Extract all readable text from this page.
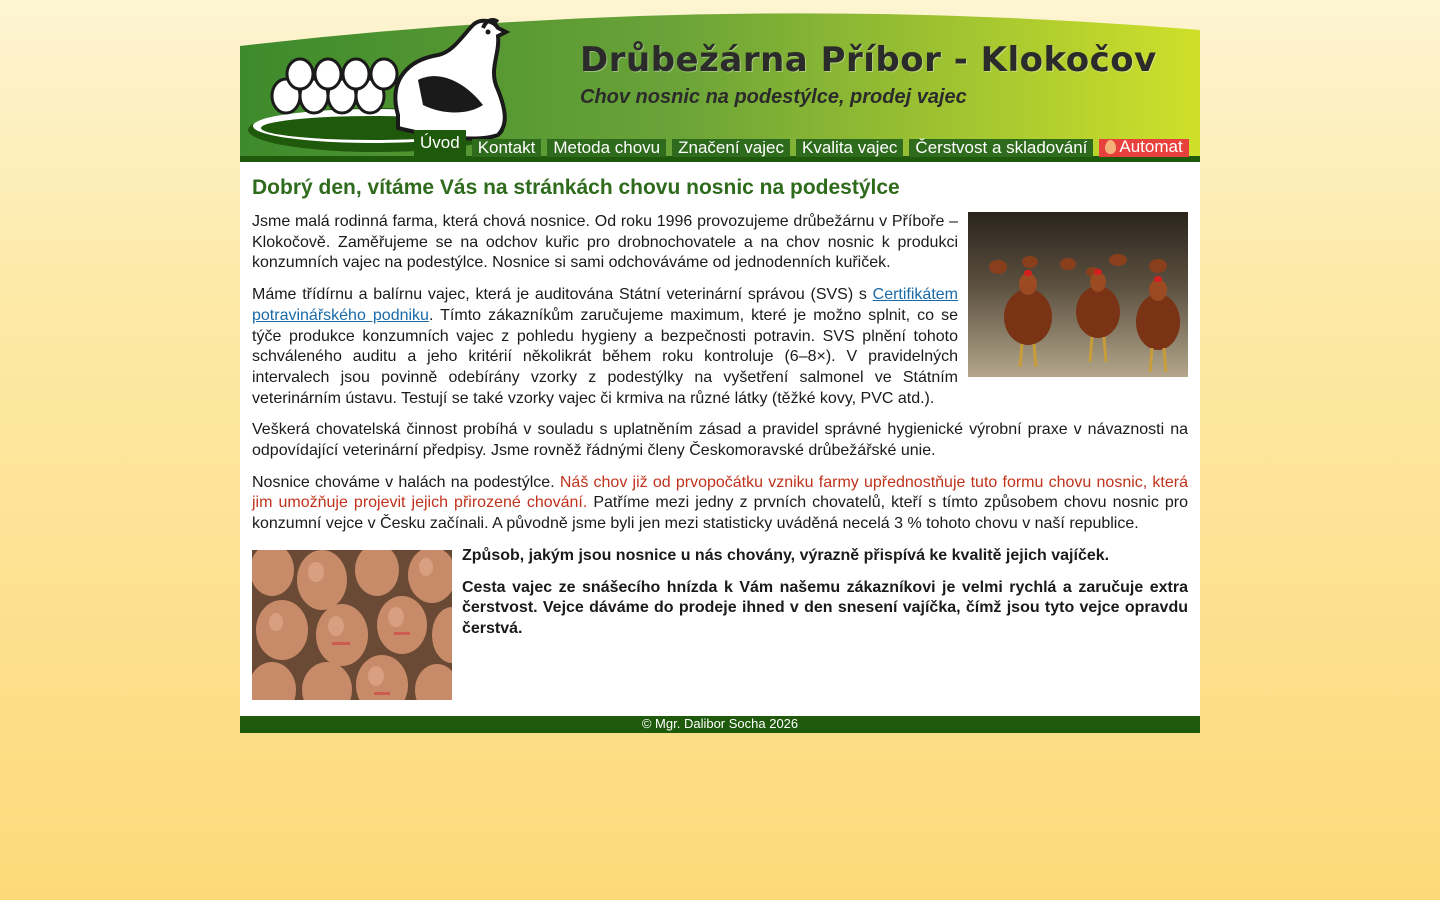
Drůbežárna Příbor - Klokočov
Chov nosnic na podestýlce, prodej vajec
Úvod	Kontakt	Metoda chovu	Značení vajec	Kvalita vajec	Čerstvost a skladování	Automat
Dobrý den, vítáme Vás na stránkách chovu nosnic na podestýlce

Jsme malá rodinná farma, která chová nosnice. Od roku 1996 provozujeme drůbežárnu v Příboře – Klokočově. Zaměřujeme se na odchov kuřic pro drobnochovatele a na chov nosnic k produkci konzumních vajec na podestýlce. Nosnice si sami odchováváme od jednodenních kuřiček.

Máme třídírnu a balírnu vajec, která je auditována Státní veterinární správou (SVS) s Certifikátem potravinářského podniku. Tímto zákazníkům zaručujeme maximum, které je možno splnit, co se týče produkce konzumních vajec z pohledu hygieny a bezpečnosti potravin. SVS plnění tohoto schváleného auditu a jeho kritérií několikrát během roku kontroluje (6–8×). V pravidelných intervalech jsou povinně odebírány vzorky z podestýlky na vyšetření salmonel ve Státním veterinárním ústavu. Testují se také vzorky vajec či krmiva na různé látky (těžké kovy, PVC atd.).

Veškerá chovatelská činnost probíhá v souladu s uplatněním zásad a pravidel správné hygienické výrobní praxe v návaznosti na odpovídající veterinární předpisy. Jsme rovněž řádnými členy Českomoravské drůbežářské unie.

Nosnice chováme v halách na podestýlce. Náš chov již od prvopočátku vzniku farmy upřednostňuje tuto formu chovu nosnic, která jim umožňuje projevit jejich přirozené chování. Patříme mezi jedny z prvních chovatelů, kteří s tímto způsobem chovu nosnic pro konzumní vejce v Česku začínali. A původně jsme byli jen mezi statisticky uváděná necelá 3 % tohoto chovu v naší republice.

Způsob, jakým jsou nosnice u nás chovány, výrazně přispívá ke kvalitě jejich vajíček.

Cesta vajec ze snášecího hnízda k Vám našemu zákazníkovi je velmi rychlá a zaručuje extra čerstvost. Vejce dáváme do prodeje ihned v den snesení vajíčka, čímž jsou tyto vejce opravdu čerstvá.

© Mgr. Dalibor Socha 2026
